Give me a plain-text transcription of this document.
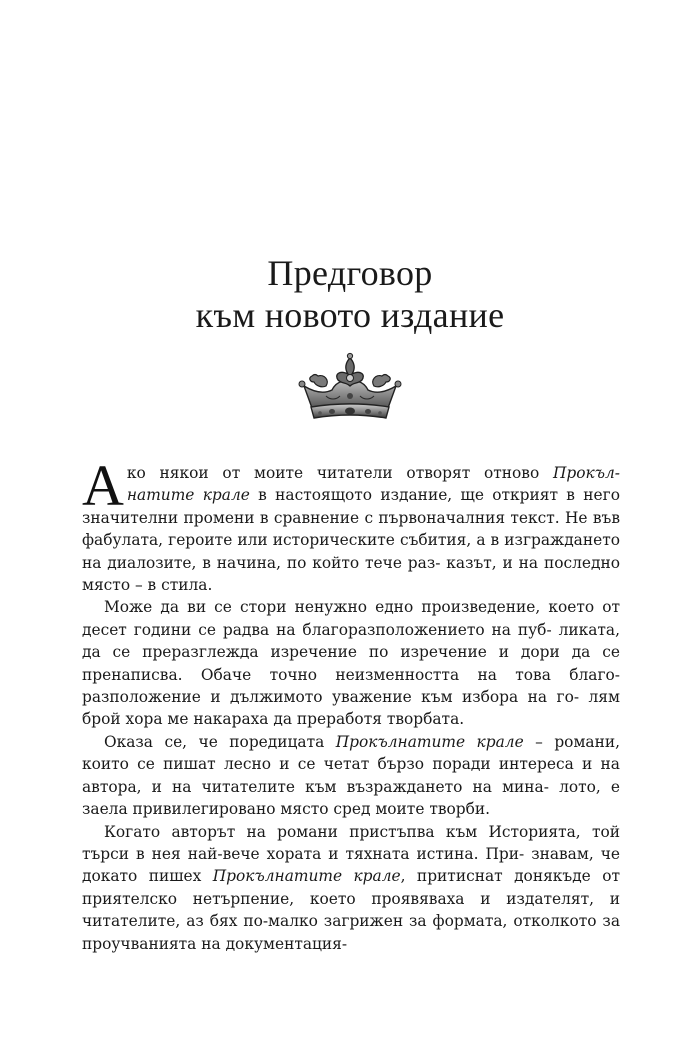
Предговор
към новото издание

Ако някои от моите читатели отворят отново Прокъл- натите крале в настоящото издание, ще открият в него значителни промени в сравнение с първоначалния текст. Не във фабулата, героите или историческите събития, а в изграждането на диалозите, в начина, по който тече раз- казът, и на последно място – в стила.

Може да ви се стори ненужно едно произведение, което от десет години се радва на благоразположението на пуб- ликата, да се преразглежда изречение по изречение и дори да се пренаписва. Обаче точно неизменността на това благо- разположение и дължимото уважение към избора на го- лям брой хора ме накараха да преработя творбата.

Оказа се, че поредицата Прокълнатите крале – романи, които се пишат лесно и се четат бързо поради интереса и на автора, и на читателите към възраждането на мина- лото, е заела привилегировано място сред моите творби.

Когато авторът на романи пристъпва към Историята, той търси в нея най-вече хората и тяхната истина. При- знавам, че докато пишех Прокълнатите крале, притиснат донякъде от приятелско нетърпение, което проявяваха и издателят, и читателите, аз бях по-малко загрижен за формата, отколкото за проучванията на документация-
